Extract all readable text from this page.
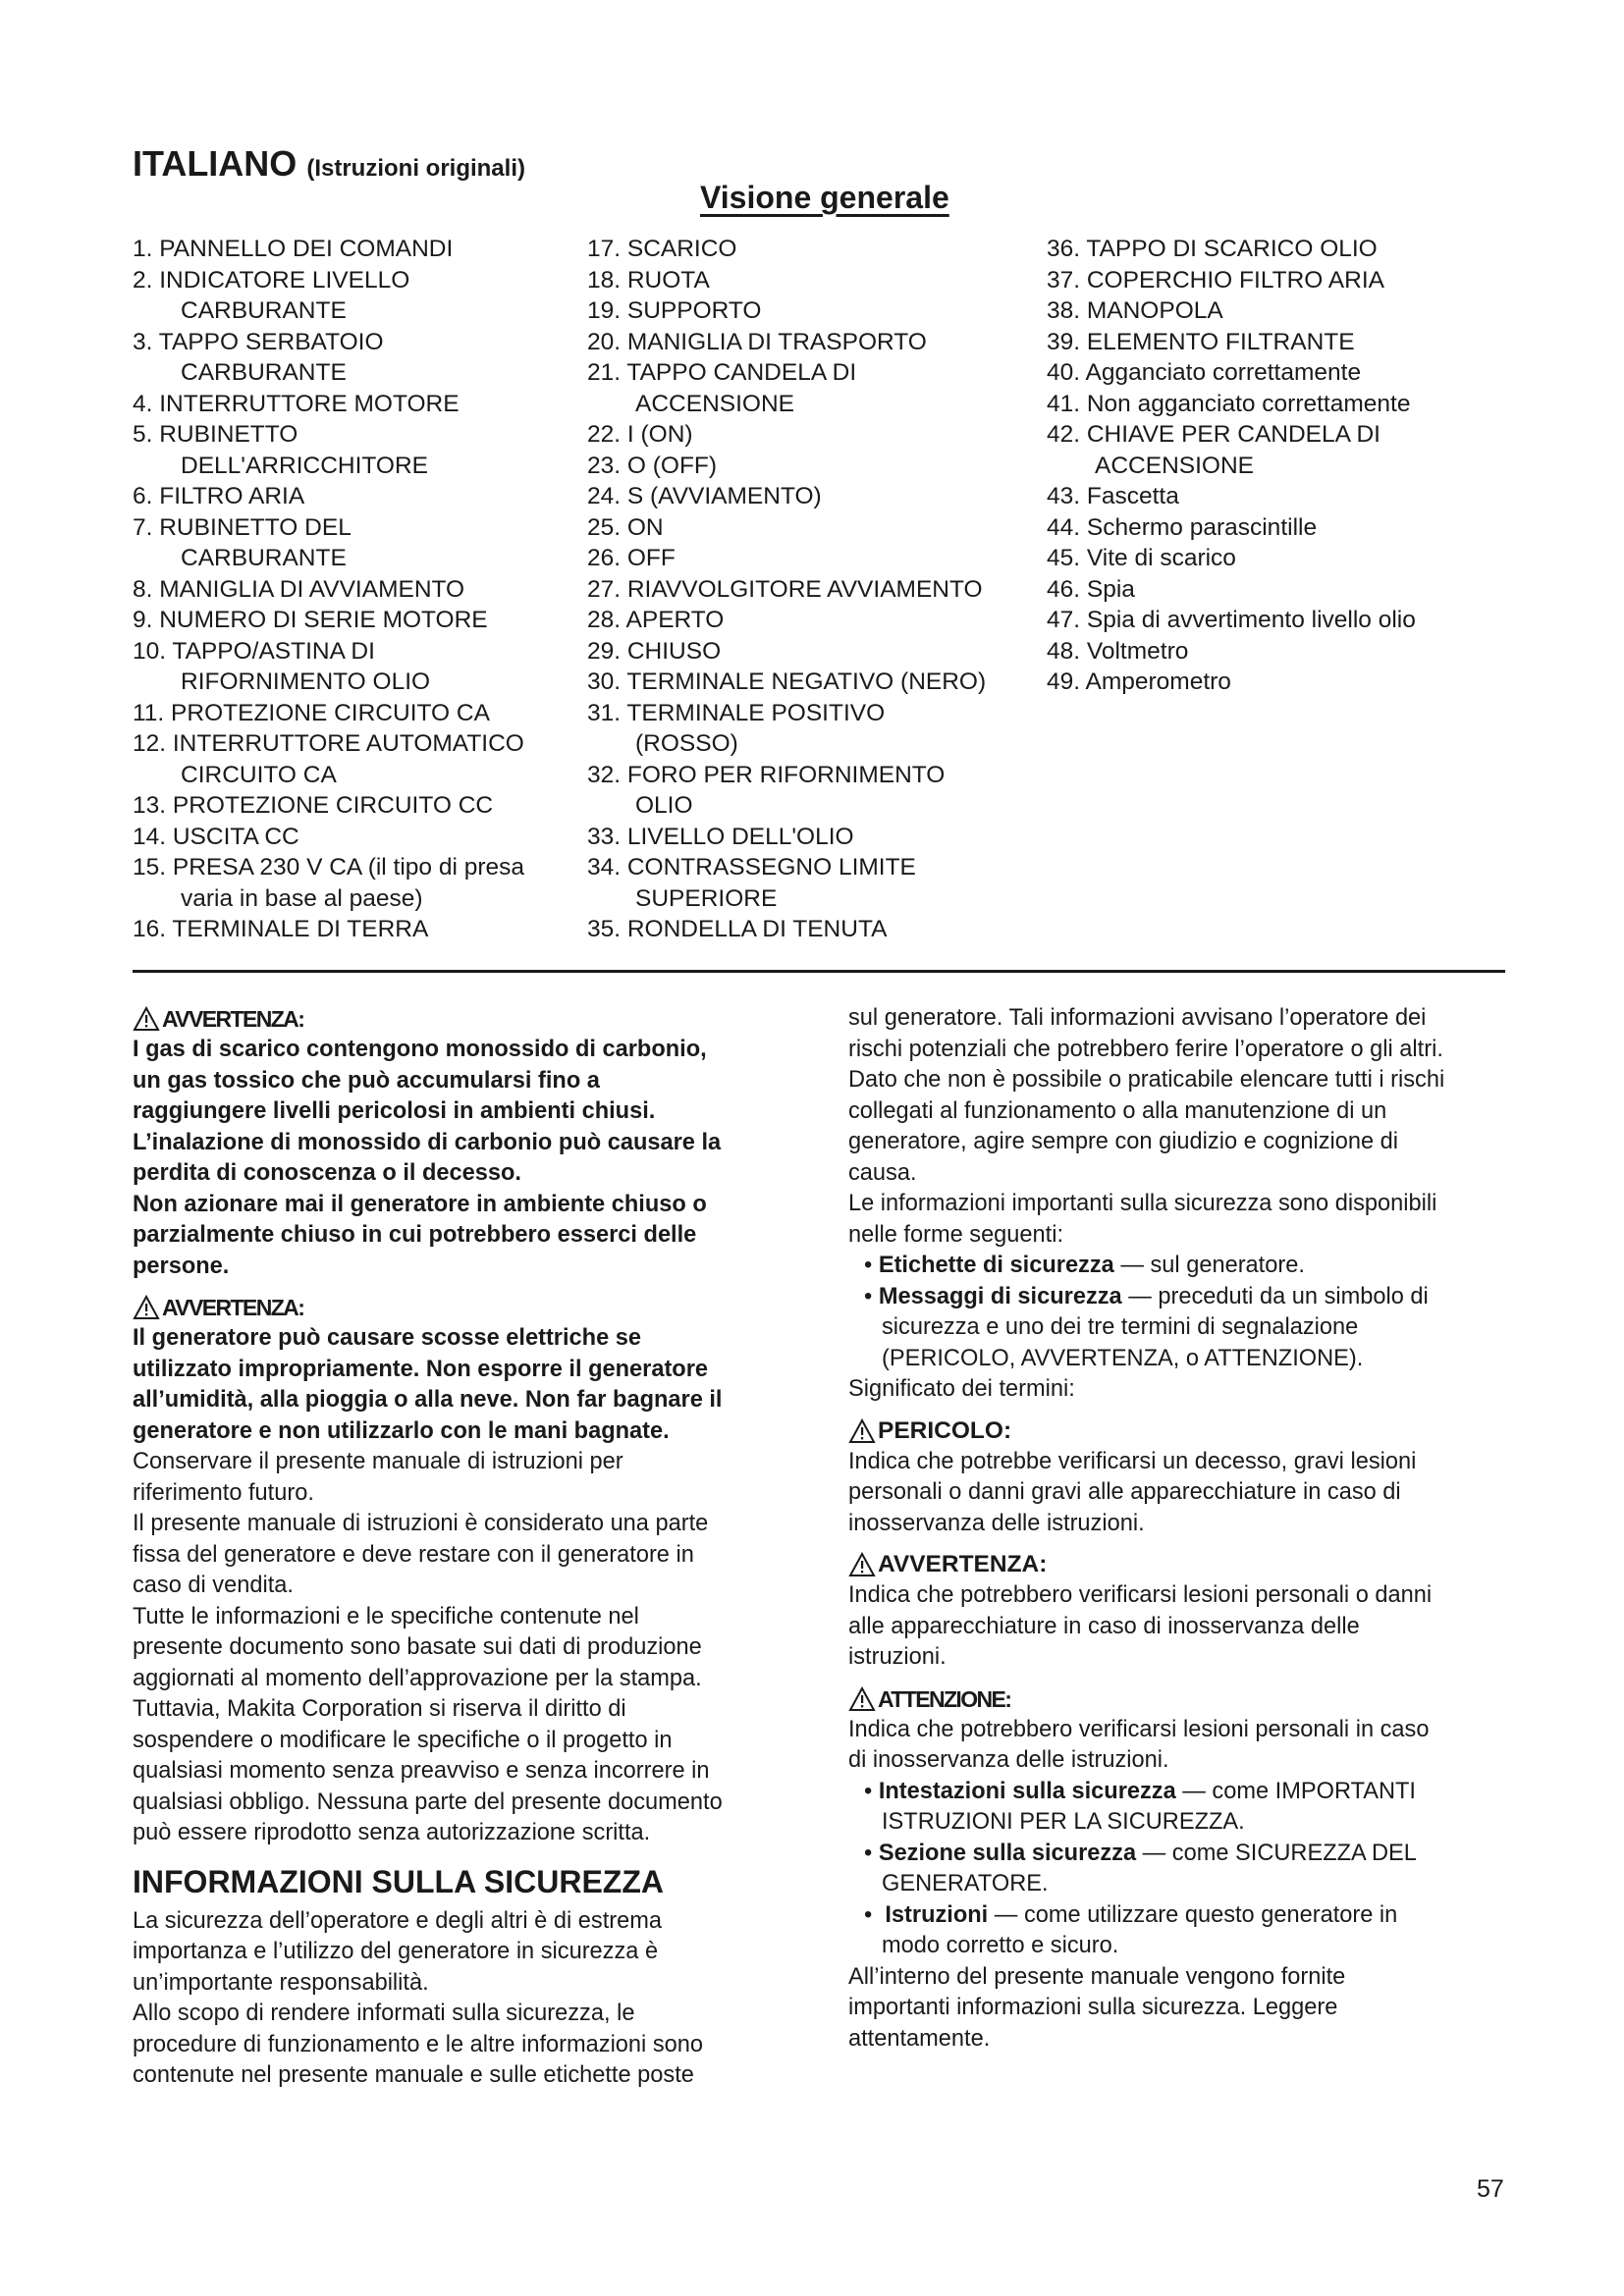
ITALIANO (Istruzioni originali)
Visione generale
1. PANNELLO DEI COMANDI
2. INDICATORE LIVELLO
CARBURANTE
3. TAPPO SERBATOIO
CARBURANTE
4. INTERRUTTORE MOTORE
5. RUBINETTO
DELL'ARRICCHITORE
6. FILTRO ARIA
7. RUBINETTO DEL
CARBURANTE
8. MANIGLIA DI AVVIAMENTO
9. NUMERO DI SERIE MOTORE
10. TAPPO/ASTINA DI
RIFORNIMENTO OLIO
11. PROTEZIONE CIRCUITO CA
12. INTERRUTTORE AUTOMATICO
CIRCUITO CA
13. PROTEZIONE CIRCUITO CC
14. USCITA CC
15. PRESA 230 V CA (il tipo di presa
varia in base al paese)
16. TERMINALE DI TERRA
17. SCARICO
18. RUOTA
19. SUPPORTO
20. MANIGLIA DI TRASPORTO
21. TAPPO CANDELA DI
ACCENSIONE
22. I (ON)
23. O (OFF)
24. S (AVVIAMENTO)
25. ON
26. OFF
27. RIAVVOLGITORE AVVIAMENTO
28. APERTO
29. CHIUSO
30. TERMINALE NEGATIVO (NERO)
31. TERMINALE POSITIVO
(ROSSO)
32. FORO PER RIFORNIMENTO
OLIO
33. LIVELLO DELL'OLIO
34. CONTRASSEGNO LIMITE
SUPERIORE
35. RONDELLA DI TENUTA
36. TAPPO DI SCARICO OLIO
37. COPERCHIO FILTRO ARIA
38. MANOPOLA
39. ELEMENTO FILTRANTE
40. Agganciato correttamente
41. Non agganciato correttamente
42. CHIAVE PER CANDELA DI
ACCENSIONE
43. Fascetta
44. Schermo parascintille
45. Vite di scarico
46. Spia
47. Spia di avvertimento livello olio
48. Voltmetro
49. Amperometro
AVVERTENZA:

I gas di scarico contengono monossido di carbonio,

un gas tossico che può accumularsi fino a

raggiungere livelli pericolosi in ambienti chiusi.

L’inalazione di monossido di carbonio può causare la

perdita di conoscenza o il decesso.

Non azionare mai il generatore in ambiente chiuso o

parzialmente chiuso in cui potrebbero esserci delle

persone.

AVVERTENZA:

Il generatore può causare scosse elettriche se

utilizzato impropriamente. Non esporre il generatore

all’umidità, alla pioggia o alla neve. Non far bagnare il

generatore e non utilizzarlo con le mani bagnate.

Conservare il presente manuale di istruzioni per

riferimento futuro.

Il presente manuale di istruzioni è considerato una parte

fissa del generatore e deve restare con il generatore in

caso di vendita.

Tutte le informazioni e le specifiche contenute nel

presente documento sono basate sui dati di produzione

aggiornati al momento dell’approvazione per la stampa.

Tuttavia, Makita Corporation si riserva il diritto di

sospendere o modificare le specifiche o il progetto in

qualsiasi momento senza preavviso e senza incorrere in

qualsiasi obbligo. Nessuna parte del presente documento

può essere riprodotto senza autorizzazione scritta.

INFORMAZIONI SULLA SICUREZZA

La sicurezza dell’operatore e degli altri è di estrema

importanza e l’utilizzo del generatore in sicurezza è

un’importante responsabilità.

Allo scopo di rendere informati sulla sicurezza, le

procedure di funzionamento e le altre informazioni sono

contenute nel presente manuale e sulle etichette poste

sul generatore. Tali informazioni avvisano l’operatore dei

rischi potenziali che potrebbero ferire l’operatore o gli altri.

Dato che non è possibile o praticabile elencare tutti i rischi

collegati al funzionamento o alla manutenzione di un

generatore, agire sempre con giudizio e cognizione di

causa.

Le informazioni importanti sulla sicurezza sono disponibili

nelle forme seguenti:

• Etichette di sicurezza — sul generatore.

• Messaggi di sicurezza — preceduti da un simbolo di

sicurezza e uno dei tre termini di segnalazione

(PERICOLO, AVVERTENZA, o ATTENZIONE).

Significato dei termini:

PERICOLO:

Indica che potrebbe verificarsi un decesso, gravi lesioni

personali o danni gravi alle apparecchiature in caso di

inosservanza delle istruzioni.

AVVERTENZA:

Indica che potrebbero verificarsi lesioni personali o danni

alle apparecchiature in caso di inosservanza delle

istruzioni.

ATTENZIONE:

Indica che potrebbero verificarsi lesioni personali in caso

di inosservanza delle istruzioni.

• Intestazioni sulla sicurezza — come IMPORTANTI

ISTRUZIONI PER LA SICUREZZA.

• Sezione sulla sicurezza — come SICUREZZA DEL

GENERATORE.

•  Istruzioni — come utilizzare questo generatore in

modo corretto e sicuro.

All’interno del presente manuale vengono fornite

importanti informazioni sulla sicurezza. Leggere

attentamente.

57
